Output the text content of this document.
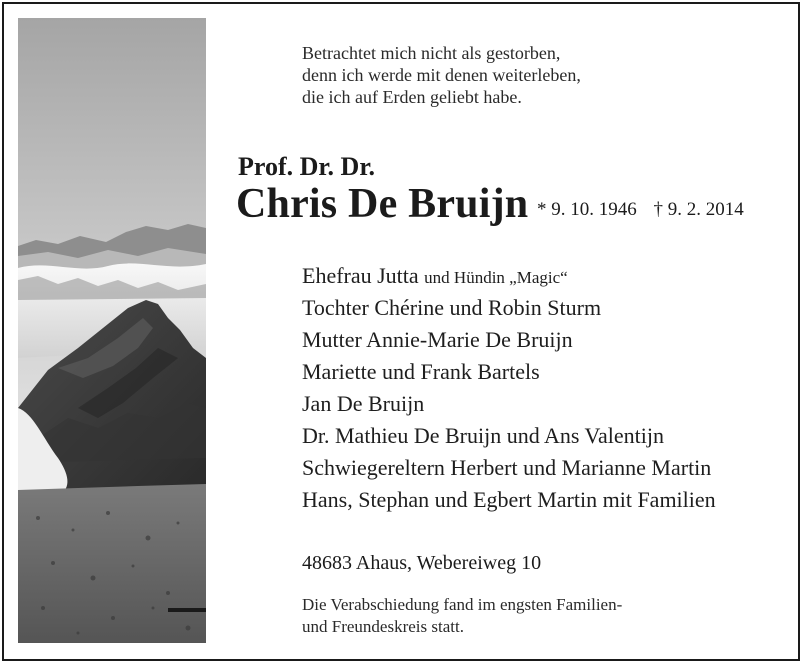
Betrachtet mich nicht als gestorben,
denn ich werde mit denen weiterleben,
die ich auf Erden geliebt habe.
Prof. Dr. Dr.
Chris De Bruijn * 9. 10. 1946 † 9. 2. 2014
Ehefrau Jutta und Hündin „Magic“
Tochter Chérine und Robin Sturm
Mutter Annie-Marie De Bruijn
Mariette und Frank Bartels
Jan De Bruijn
Dr. Mathieu De Bruijn und Ans Valentijn
Schwiegereltern Herbert und Marianne Martin
Hans, Stephan und Egbert Martin mit Familien
48683 Ahaus, Webereiweg 10
Die Verabschiedung fand im engsten Familien-
und Freundeskreis statt.
